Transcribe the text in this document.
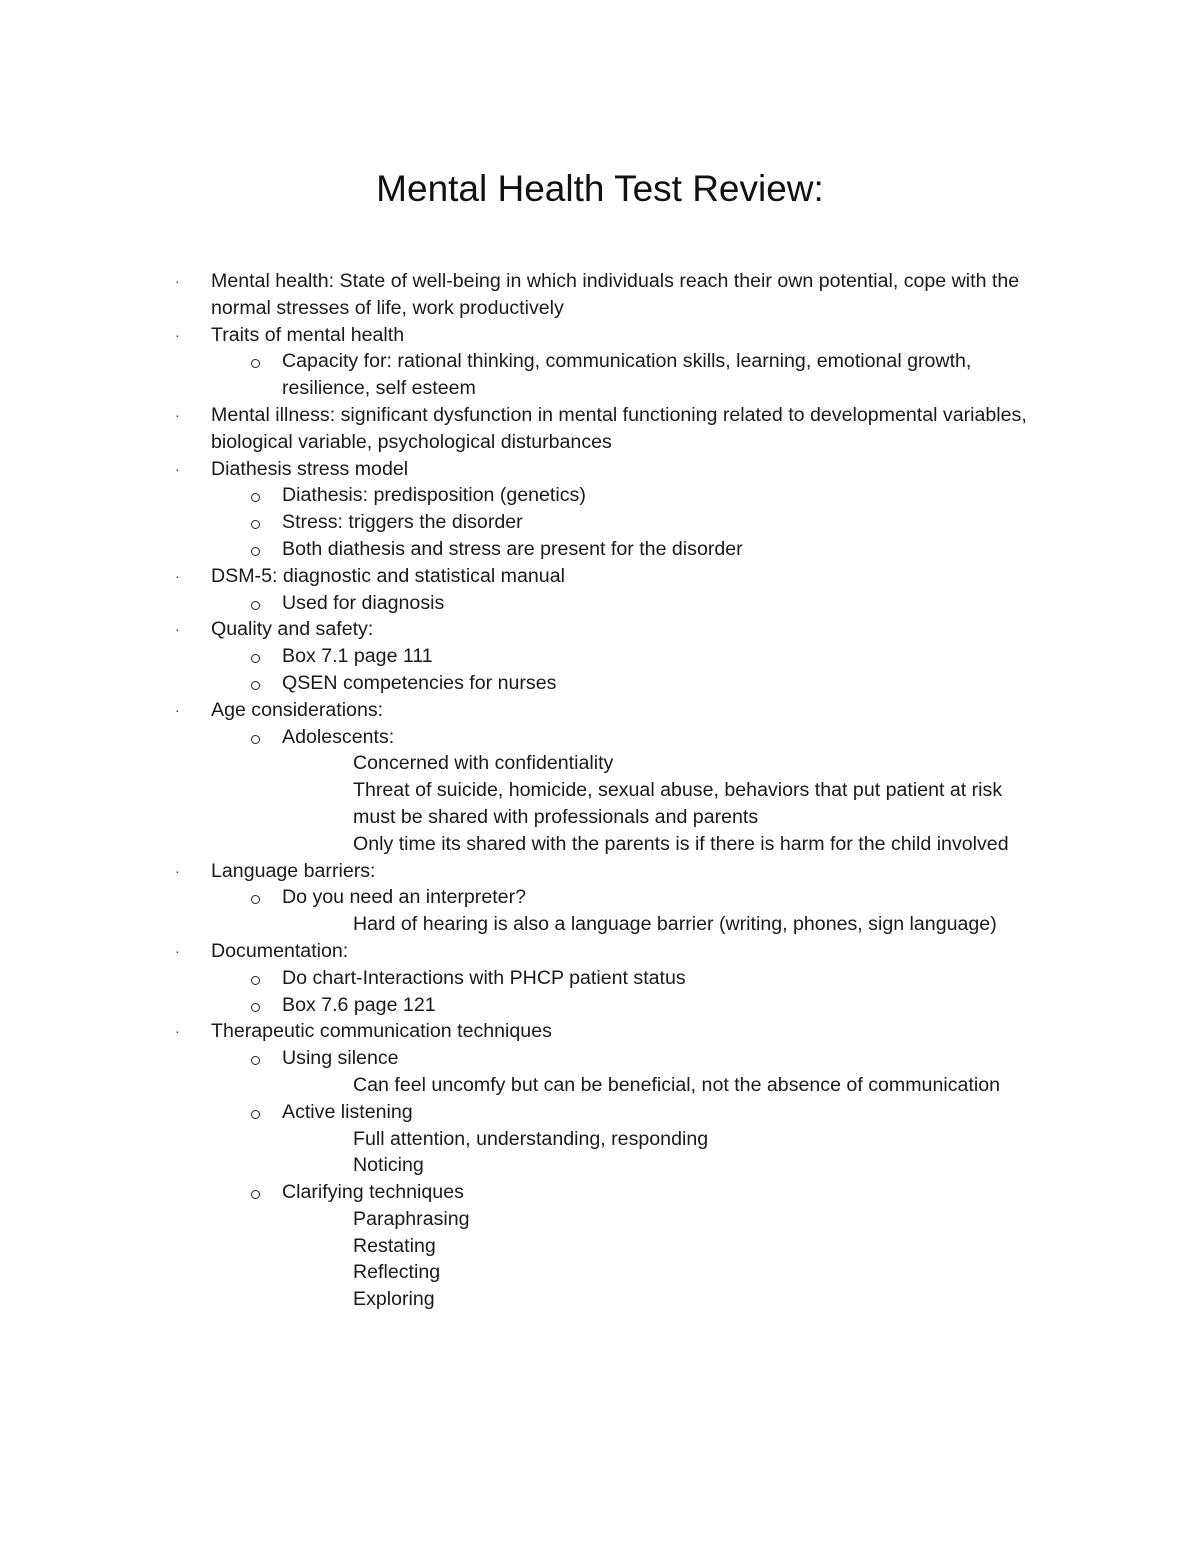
Mental Health Test Review:
· Mental health: State of well-being in which individuals reach their own potential, cope with the normal stresses of life, work productively
· Traits of mental health
Capacity for: rational thinking, communication skills, learning, emotional growth, resilience, self esteem
· Mental illness: significant dysfunction in mental functioning related to developmental variables, biological variable, psychological disturbances
· Diathesis stress model
Diathesis: predisposition (genetics)
Stress: triggers the disorder
Both diathesis and stress are present for the disorder
· DSM-5: diagnostic and statistical manual
Used for diagnosis
· Quality and safety:
Box 7.1 page 111
QSEN competencies for nurses
· Age considerations:
Adolescents:
Concerned with confidentiality
Threat of suicide, homicide, sexual abuse, behaviors that put patient at risk must be shared with professionals and parents
Only time its shared with the parents is if there is harm for the child involved
· Language barriers:
Do you need an interpreter?
Hard of hearing is also a language barrier (writing, phones, sign language)
· Documentation:
Do chart-Interactions with PHCP patient status
Box 7.6 page 121
· Therapeutic communication techniques
Using silence
Can feel uncomfy but can be beneficial, not the absence of communication
Active listening
Full attention, understanding, responding
Noticing
Clarifying techniques
Paraphrasing
Restating
Reflecting
Exploring
